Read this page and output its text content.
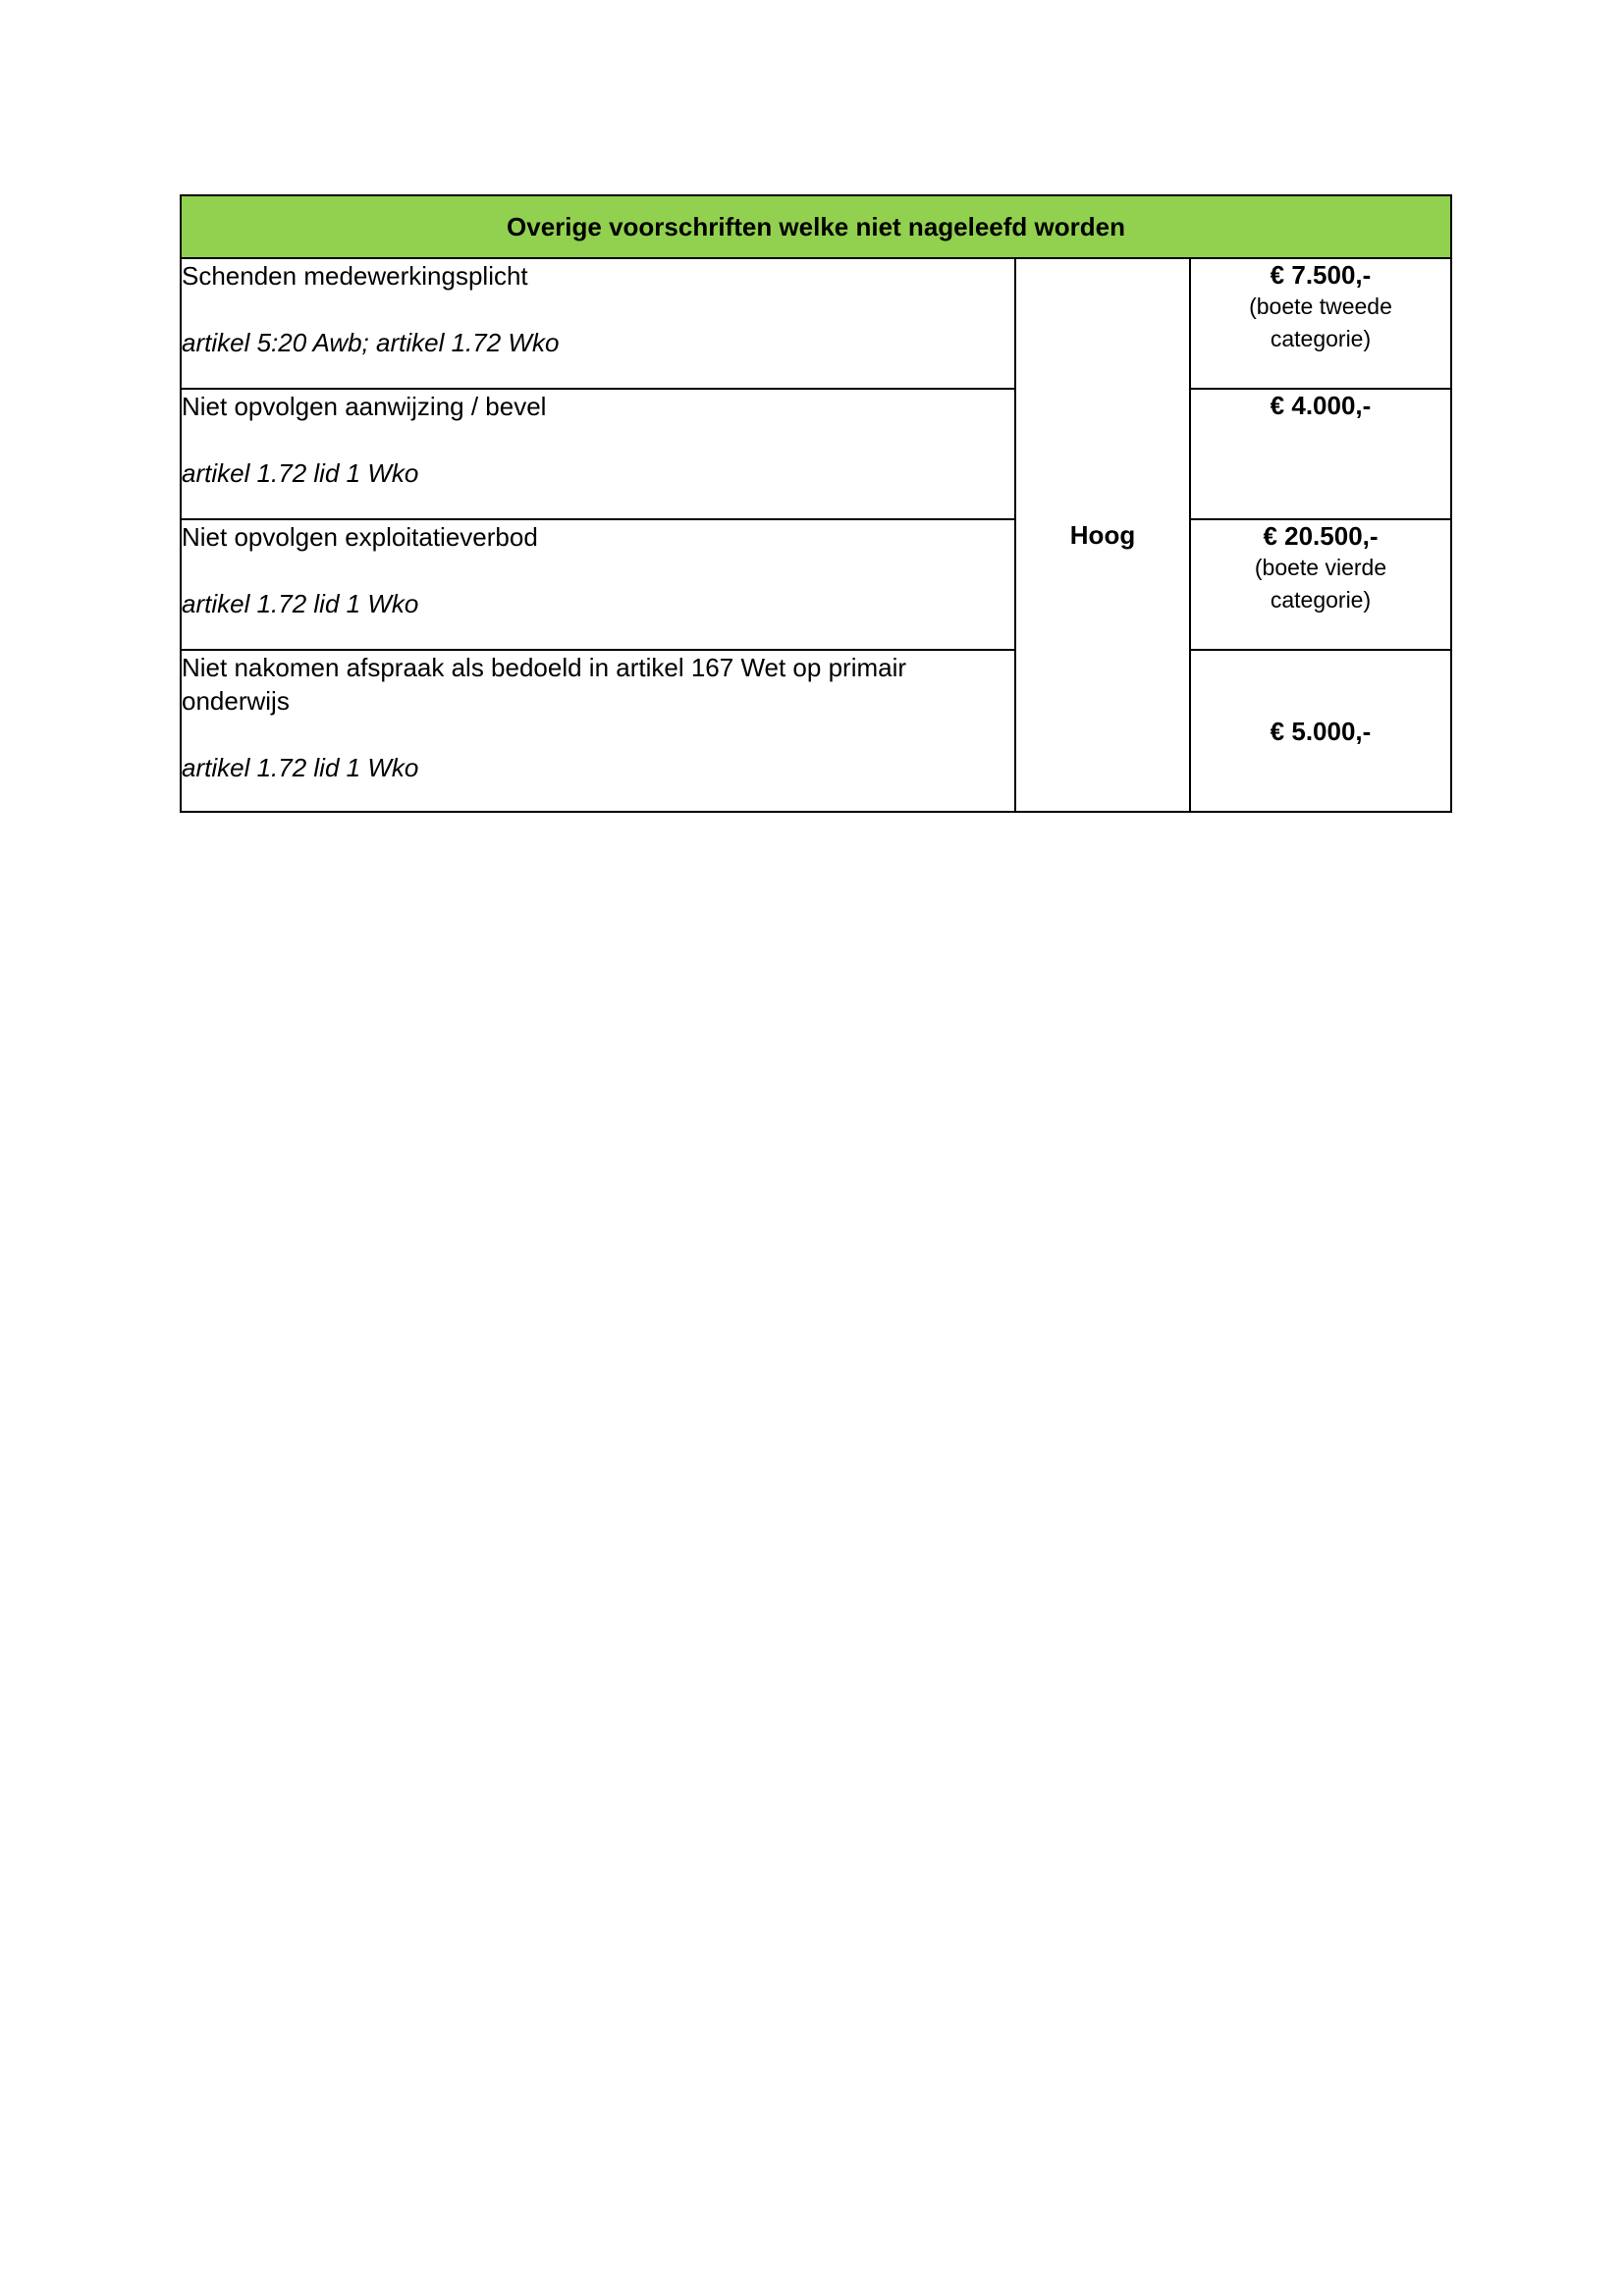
Overige voorschriften welke niet nageleefd worden		

Schenden medewerkingsplicht
artikel 5:20 Awb; artikel 1.72 Wko	Hoog	€ 7.500,-
(boete tweede
categorie)

Niet opvolgen aanwijzing / bevel
artikel 1.72 lid 1 Wko		€ 4.000,-

Niet opvolgen exploitatieverbod
artikel 1.72 lid 1 Wko		€ 20.500,-
(boete vierde
categorie)

Niet nakomen afspraak als bedoeld in artikel 167 Wet op primair
onderwijs
artikel 1.72 lid 1 Wko		€ 5.000,-
